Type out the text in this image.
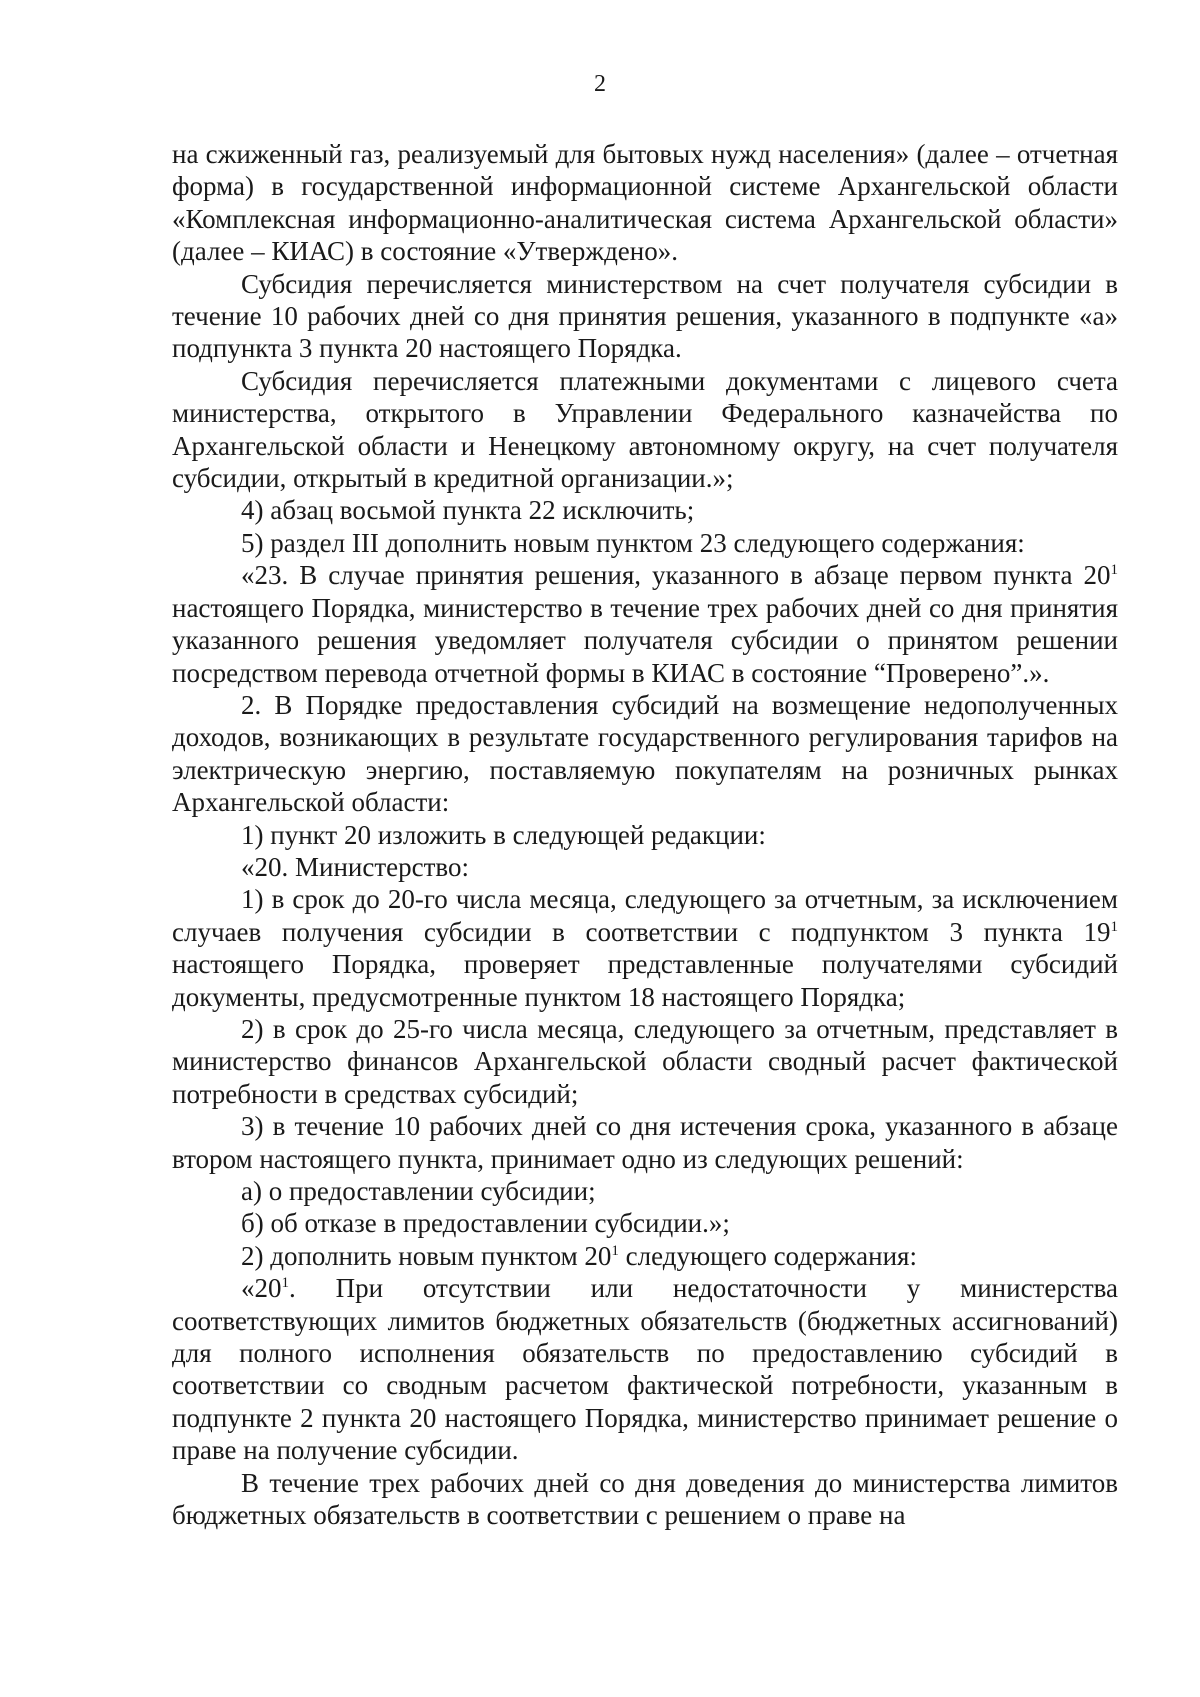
2

на сжиженный газ, реализуемый для бытовых нужд населения» (далее – отчетная форма) в государственной информационной системе Архангельской области «Комплексная информационно-аналитическая система Архангельской области» (далее – КИАС) в состояние «Утверждено».

Субсидия перечисляется министерством на счет получателя субсидии в течение 10 рабочих дней со дня принятия решения, указанного в подпункте «а» подпункта 3 пункта 20 настоящего Порядка.

Субсидия перечисляется платежными документами с лицевого счета министерства, открытого в Управлении Федерального казначейства по Архангельской области и Ненецкому автономному округу, на счет получателя субсидии, открытый в кредитной организации.»;

4) абзац восьмой пункта 22 исключить;

5) раздел III дополнить новым пунктом 23 следующего содержания:

«23. В случае принятия решения, указанного в абзаце первом пункта $20^1$ настоящего Порядка, министерство в течение трех рабочих дней со дня принятия указанного решения уведомляет получателя субсидии о принятом решении посредством перевода отчетной формы в КИАС в состояние “Проверено”.».

2. В Порядке предоставления субсидий на возмещение недополученных доходов, возникающих в результате государственного регулирования тарифов на электрическую энергию, поставляемую покупателям на розничных рынках Архангельской области:

1) пункт 20 изложить в следующей редакции:

«20. Министерство:

1) в срок до 20-го числа месяца, следующего за отчетным, за исключением случаев получения субсидии в соответствии с подпунктом 3 пункта $19^1$ настоящего Порядка, проверяет представленные получателями субсидий документы, предусмотренные пунктом 18 настоящего Порядка;

2) в срок до 25-го числа месяца, следующего за отчетным, представляет в министерство финансов Архангельской области сводный расчет фактической потребности в средствах субсидий;

3) в течение 10 рабочих дней со дня истечения срока, указанного в абзаце втором настоящего пункта, принимает одно из следующих решений:

а) о предоставлении субсидии;

б) об отказе в предоставлении субсидии.»;

2) дополнить новым пунктом $20^1$ следующего содержания:

«$20^1$. При отсутствии или недостаточности у министерства соответствующих лимитов бюджетных обязательств (бюджетных ассигнований) для полного исполнения обязательств по предоставлению субсидий в соответствии со сводным расчетом фактической потребности, указанным в подпункте 2 пункта 20 настоящего Порядка, министерство принимает решение о праве на получение субсидии.

В течение трех рабочих дней со дня доведения до министерства лимитов бюджетных обязательств в соответствии с решением о праве на
